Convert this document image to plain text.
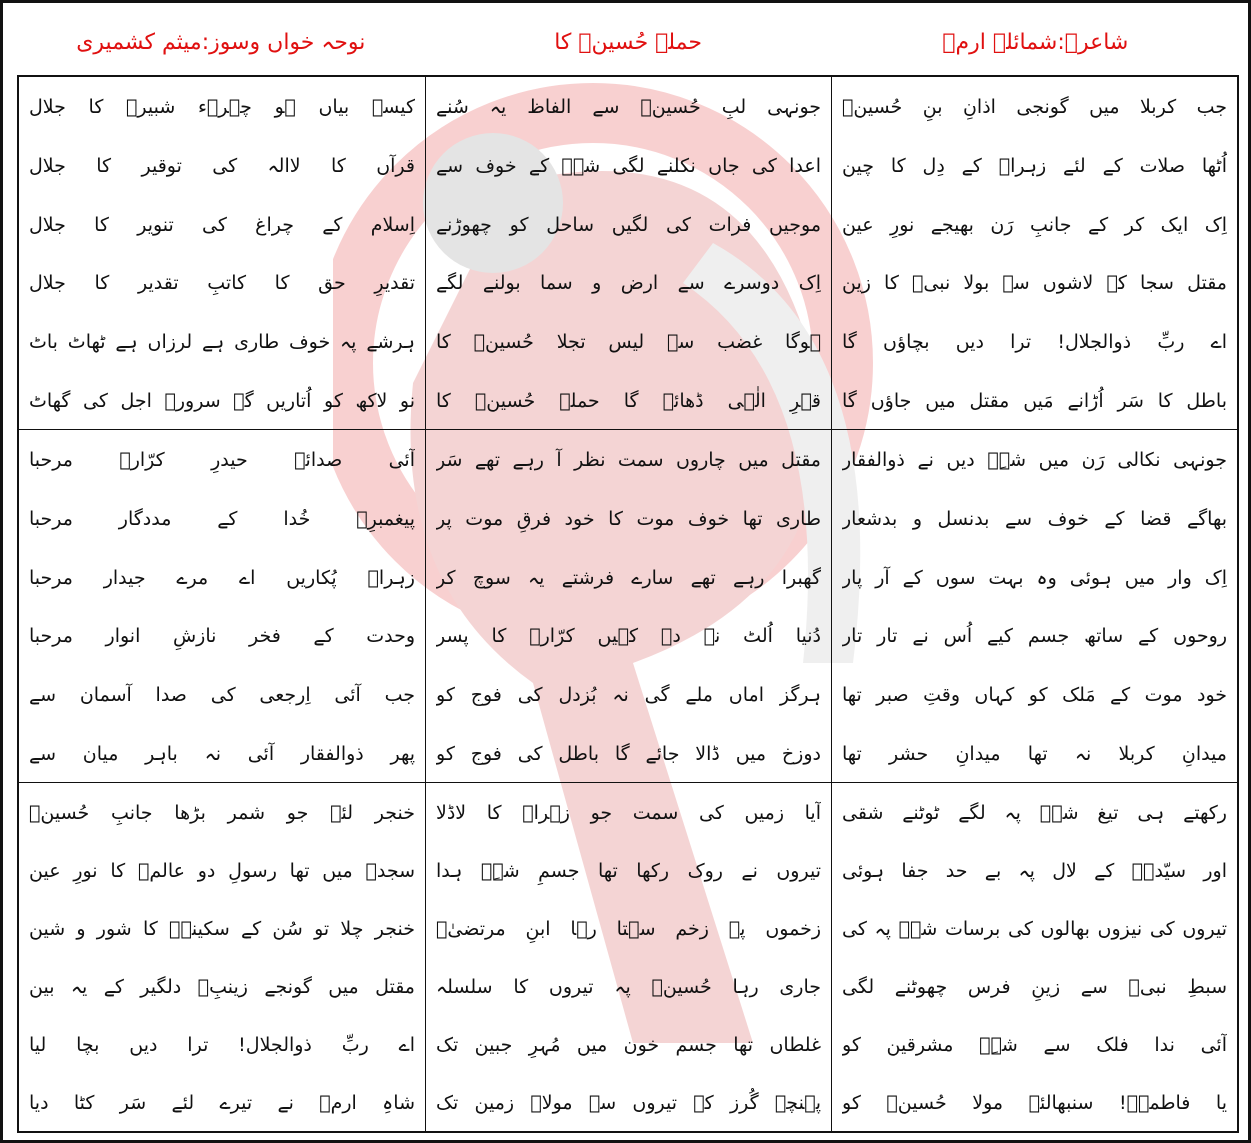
شاعرہ:شمائلہ ارمؔ
حملہ حُسینؑ کا
نوحہ خواں وسوز:میثم کشمیری
جب کربلا میں گونجی اذانِ بنِ حُسینؑ
اُٹھا صلات کے لئے زہراؑ کے دِل کا چین
اِک ایک کر کے جانبِ رَن بھیجے نورِ عین
مقتل سجا کے لاشوں سے بولا نبیؐ کا زین
اے ربِّ ذوالجلال! ترا دیں بچاؤں گا
باطل کا سَر اُڑانے مَیں مقتل میں جاؤں گا
جونہی لبِ حُسینؑ سے الفاظ یہ سُنے
اعدا کی جاں نکلنے لگی شہؑ کے خوف سے
موجیں فرات کی لگیں ساحل کو چھوڑنے
اِک دوسرے سے ارض و سما بولنے لگے
ہوگا غضب سے لیس تجلا حُسینؑ کا
قہرِ الٰہی ڈھائے گا حملہ حُسینؑ کا
کیسے بیاں ہو چہرہء شبیرؑ کا جلال
قرآں کا لاالہ کی توقیر کا جلال
اِسلام کے چراغ کی تنویر کا جلال
تقدیرِ حق کا کاتبِ تقدیر کا جلال
ہرشے پہ خوف طاری ہے لرزاں ہے ٹھاٹ باٹ
نو لاکھ کو اُتاریں گے سرورؑ اجل کی گھاٹ
جونہی نکالی رَن میں شہِؑ دیں نے ذوالفقار
بھاگے قضا کے خوف سے بدنسل و بدشعار
اِک وار میں ہوئی وہ بہت سوں کے آر پار
روحوں کے ساتھ جسم کیے اُس نے تار تار
خود موت کے مَلک کو کہاں وقتِ صبر تھا
میدانِ کربلا نہ تھا میدانِ حشر تھا
مقتل میں چاروں سمت نظر آ رہے تھے سَر
طاری تھا خوف موت کا خود فرقِ موت پر
گھبرا رہے تھے سارے فرشتے یہ سوچ کر
دُنیا اُلٹ نہ دے کہیں کرّارؑ کا پسر
ہرگز اماں ملے گی نہ بُزدل کی فوج کو
دوزخ میں ڈالا جائے گا باطل کی فوج کو
آئی صدائے حیدرِ کرّارؑ مرحبا
پیغمبرِؐ خُدا کے مددگار مرحبا
زہراؑ پُکاریں اے مرے جیدار مرحبا
وحدت کے فخر نازشِ انوار مرحبا
جب آئی اِرجعی کی صدا آسمان سے
پھر ذوالفقار آئی نہ باہر میان سے
رکھتے ہی تیغ شہؑ پہ لگے ٹوٹنے شقی
اور سیّدہؑ کے لال پہ بے حد جفا ہوئی
تیروں کی نیزوں بھالوں کی برسات شہؑ پہ کی
سبطِ نبیؐ سے زینِ فرس چھوٹنے لگی
آئی ندا فلک سے شہِؑ مشرقین کو
یا فاطمہؑ! سنبھالئے مولا حُسینؑ کو
آیا زمیں کی سمت جو زہراؑ کا لاڈلا
تیروں نے روک رکھا تھا جسمِ شہِؑ ہدا
زخموں پہ زخم سہتا رہا ابنِ مرتضیٰؑ
جاری رہا حُسینؑ پہ تیروں کا سلسلہ
غلطاں تھا جسم خون میں مُہرِ جبین تک
پہنچے گُرز کے تیروں سے مولاؑ زمین تک
خنجر لئے جو شمر بڑھا جانبِ حُسینؑ
سجدے میں تھا رسولِ دو عالمؐ کا نورِ عین
خنجر چلا تو سُن کے سکینہؑ کا شور و شین
مقتل میں گونجے زینبِؑ دلگیر کے یہ بین
اے ربِّ ذوالجلال! ترا دیں بچا لیا
شاہِ ارمؔ نے تیرے لئے سَر کٹا دیا
